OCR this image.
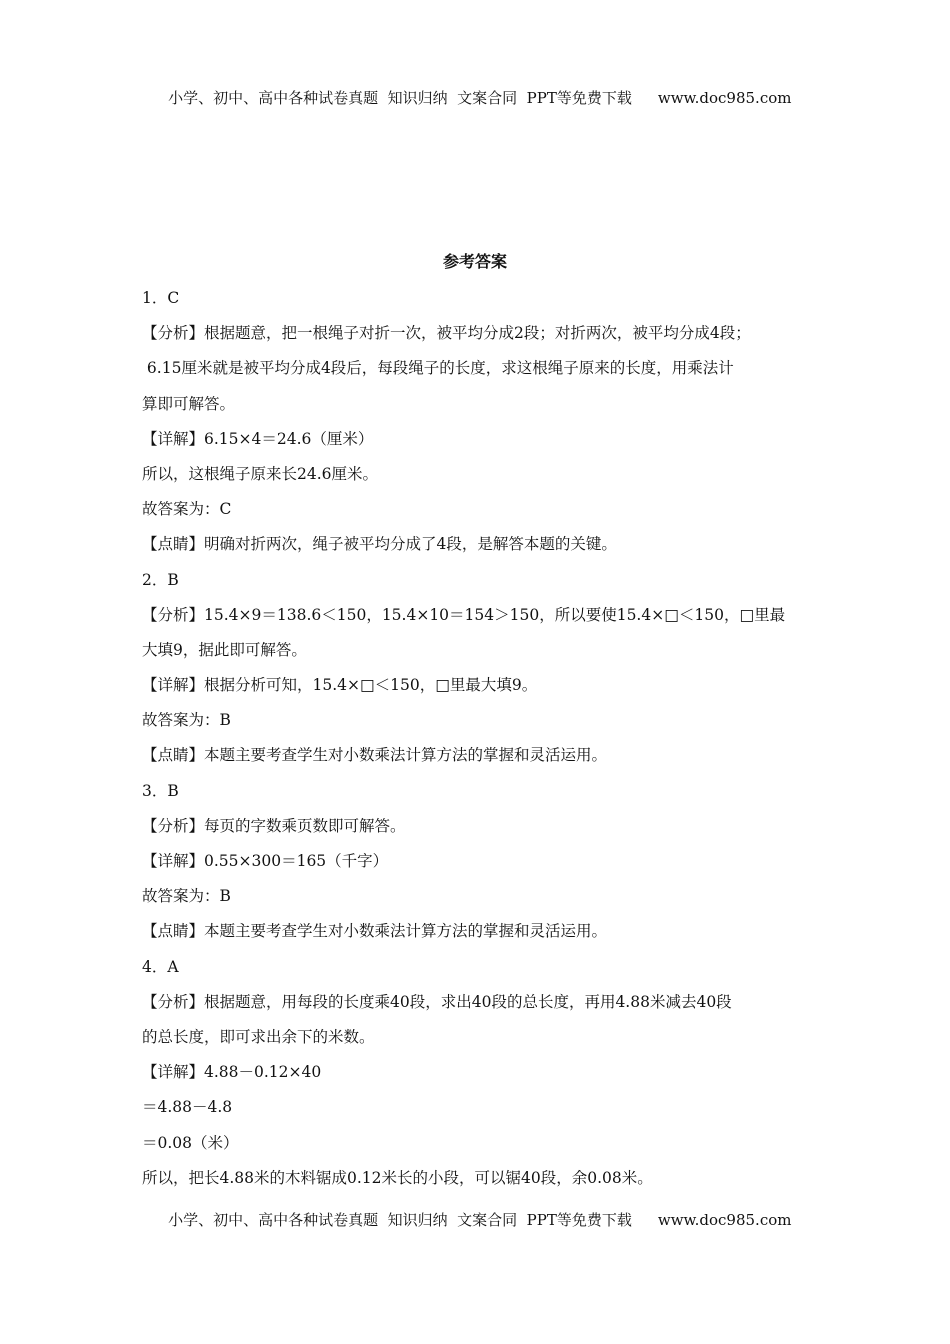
小学、初中、高中各种试卷真题  知识归纳  文案合同  PPT等免费下载 www.doc985.com

参考答案
1．C
【分析】根据题意，把一根绳子对折一次，被平均分成2段；对折两次，被平均分成4段；
6.15厘米就是被平均分成4段后，每段绳子的长度，求这根绳子原来的长度，用乘法计
算即可解答。
【详解】6.15×4＝24.6（厘米）
所以，这根绳子原来长24.6厘米。
故答案为：C
【点睛】明确对折两次，绳子被平均分成了4段，是解答本题的关键。
2．B
【分析】15.4×9＝138.6＜150，15.4×10＝154＞150，所以要使15.4×□＜150，□里最
大填9，据此即可解答。
【详解】根据分析可知，15.4×□＜150，□里最大填9。
故答案为：B
【点睛】本题主要考查学生对小数乘法计算方法的掌握和灵活运用。
3．B
【分析】每页的字数乘页数即可解答。
【详解】0.55×300＝165（千字）
故答案为：B
【点睛】本题主要考查学生对小数乘法计算方法的掌握和灵活运用。
4．A
【分析】根据题意，用每段的长度乘40段，求出40段的总长度，再用4.88米减去40段
的总长度，即可求出余下的米数。
【详解】4.88－0.12×40
＝4.88－4.8
＝0.08（米）
所以，把长4.88米的木料锯成0.12米长的小段，可以锯40段，余0.08米。

小学、初中、高中各种试卷真题  知识归纳  文案合同  PPT等免费下载 www.doc985.com
